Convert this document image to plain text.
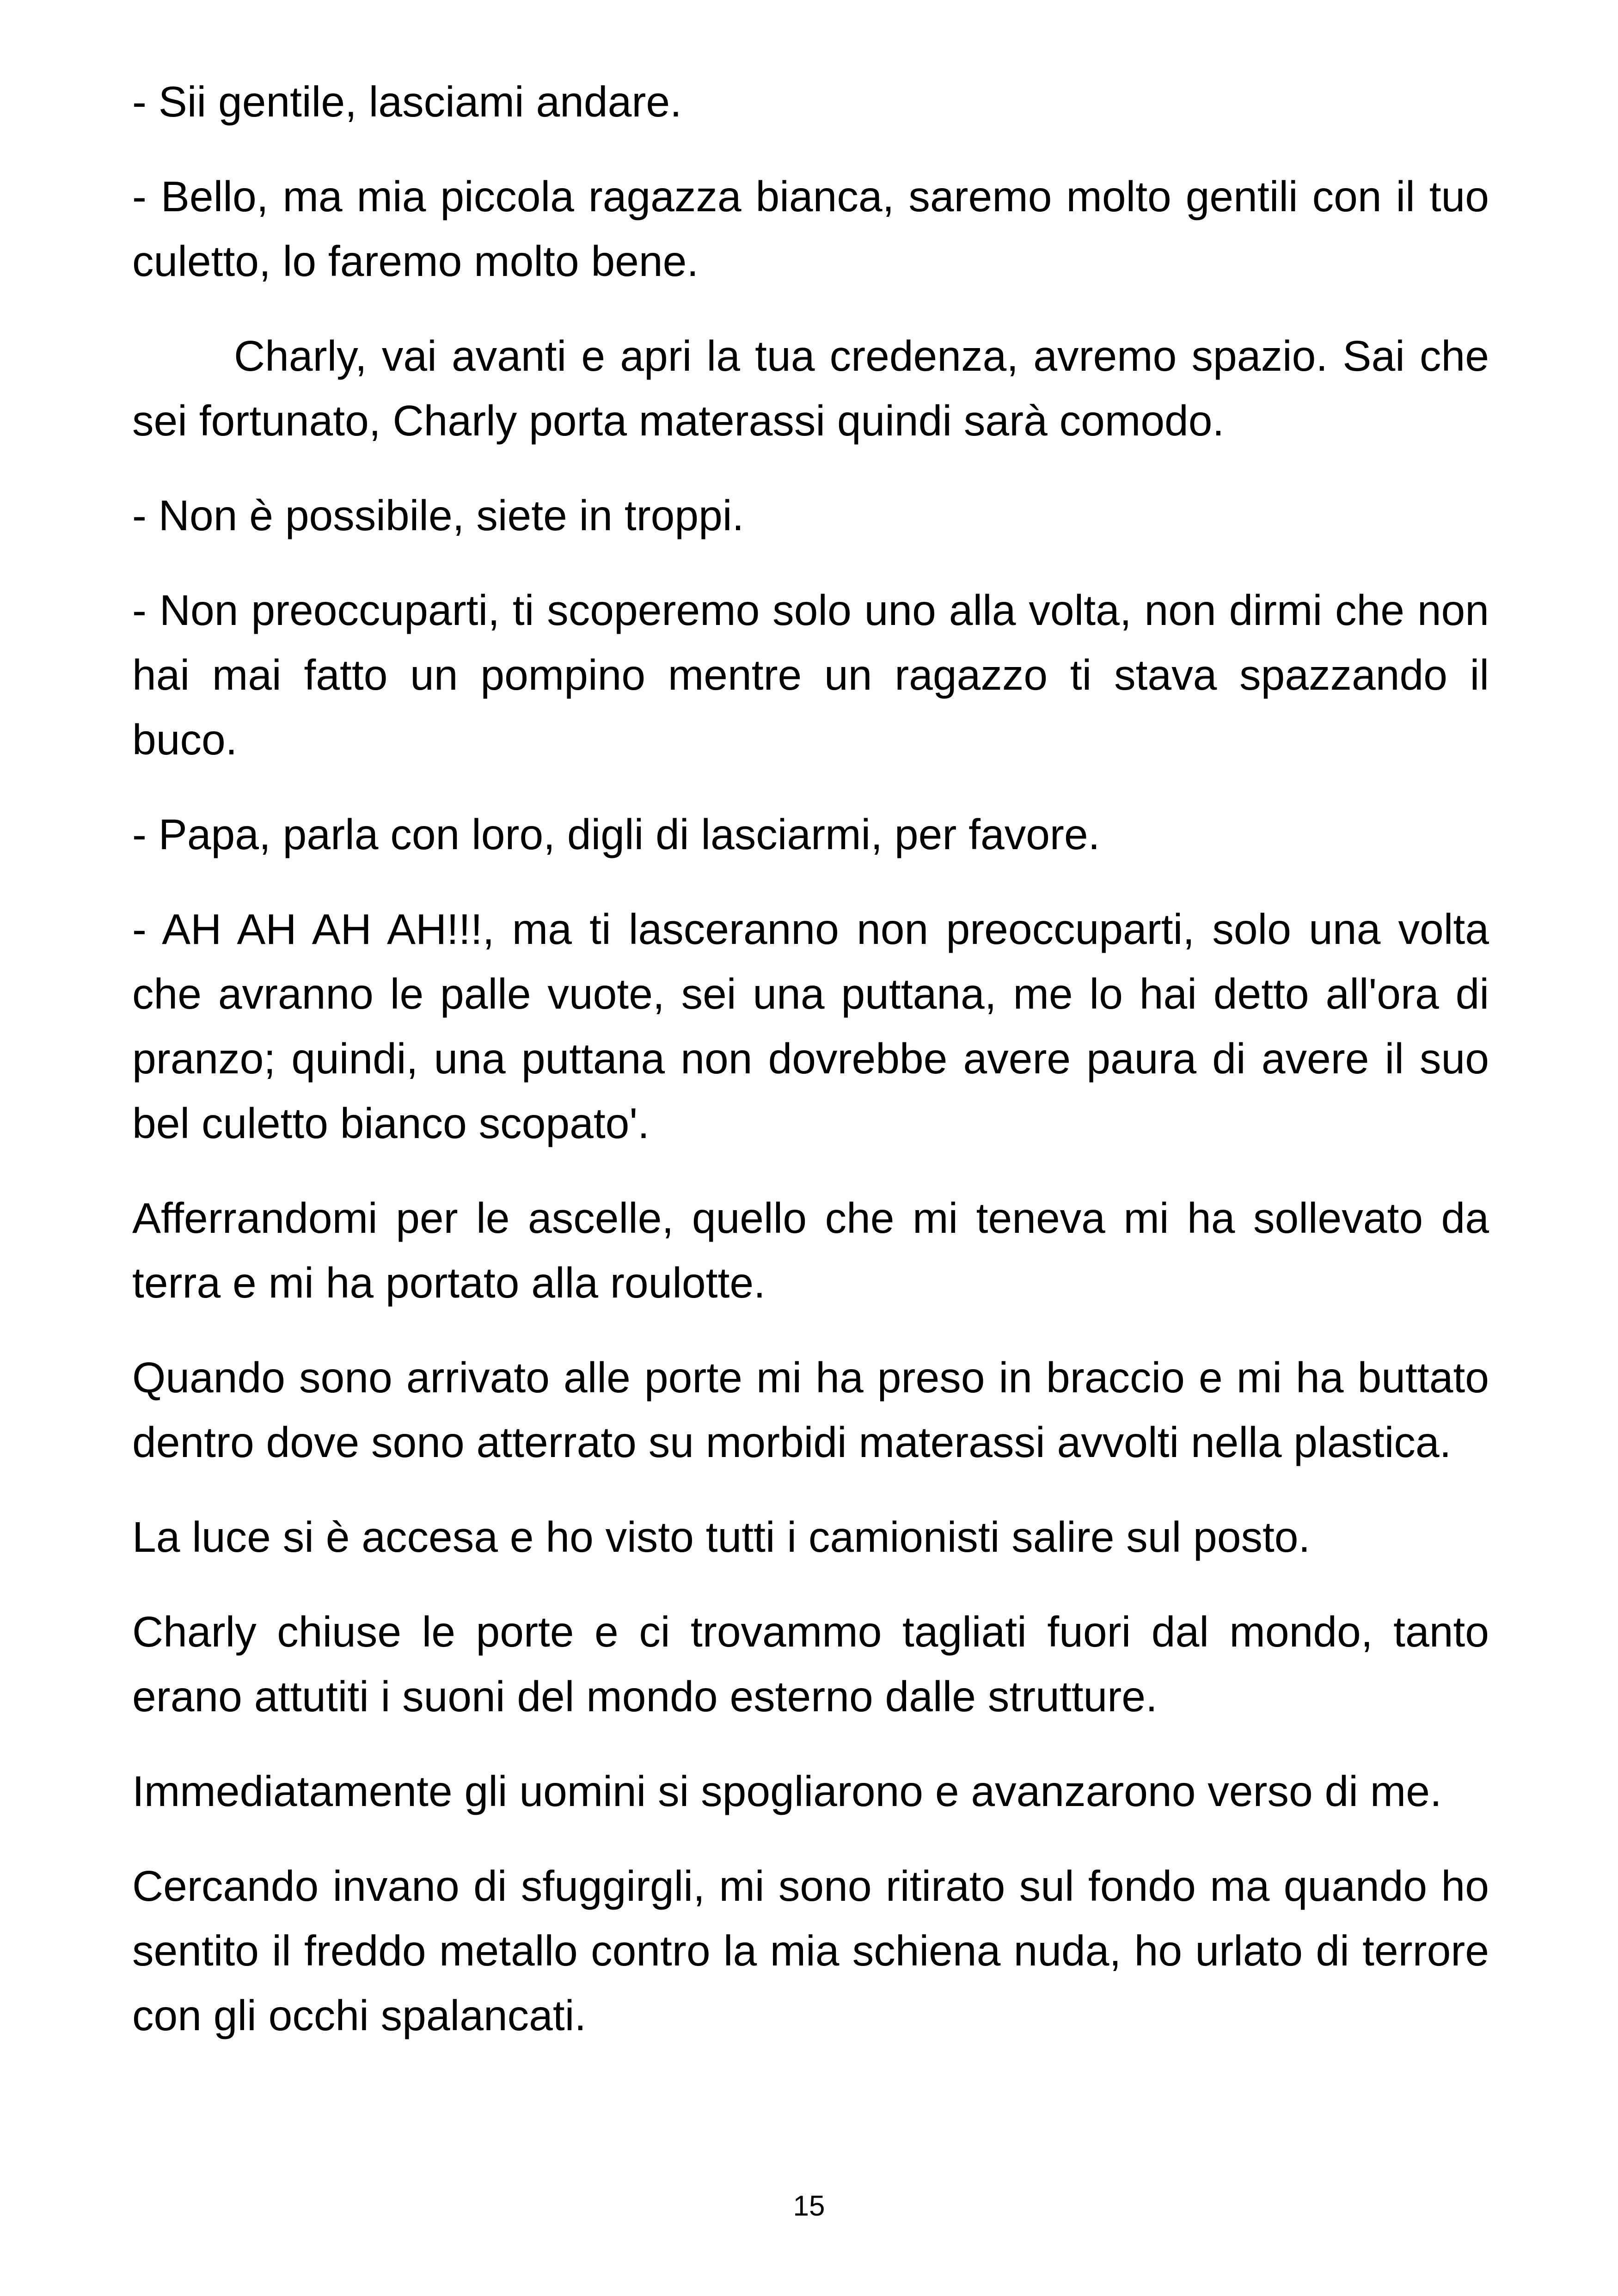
- Sii gentile, lasciami andare.

- Bello, ma mia piccola ragazza bianca, saremo molto gentili con il tuo culetto, lo faremo molto bene.

Charly, vai avanti e apri la tua credenza, avremo spazio. Sai che sei fortunato, Charly porta materassi quindi sarà comodo.

- Non è possibile, siete in troppi.

- Non preoccuparti, ti scoperemo solo uno alla volta, non dirmi che non hai mai fatto un pompino mentre un ragazzo ti stava spazzando il buco.

- Papa, parla con loro, digli di lasciarmi, per favore.

- AH AH AH AH!!!, ma ti lasceranno non preoccuparti, solo una volta che avranno le palle vuote, sei una puttana, me lo hai detto all'ora di pranzo; quindi, una puttana non dovrebbe avere paura di avere il suo bel culetto bianco scopato'.

Afferrandomi per le ascelle, quello che mi teneva mi ha sollevato da terra e mi ha portato alla roulotte.

Quando sono arrivato alle porte mi ha preso in braccio e mi ha buttato dentro dove sono atterrato su morbidi materassi avvolti nella plastica.

La luce si è accesa e ho visto tutti i camionisti salire sul posto.

Charly chiuse le porte e ci trovammo tagliati fuori dal mondo, tanto erano attutiti i suoni del mondo esterno dalle strutture.

Immediatamente gli uomini si spogliarono e avanzarono verso di me.

Cercando invano di sfuggirgli, mi sono ritirato sul fondo ma quando ho sentito il freddo metallo contro la mia schiena nuda, ho urlato di terrore con gli occhi spalancati.

15
